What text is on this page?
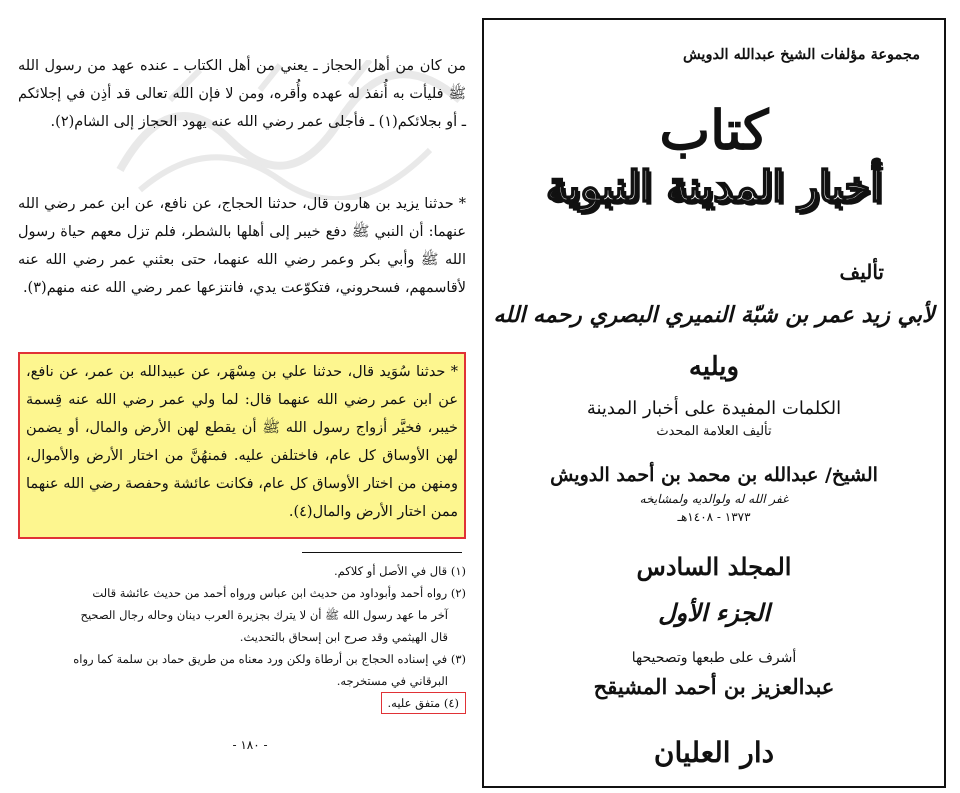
من كان من أهل الحجاز ـ يعني من أهل الكتاب ـ عنده عهد من رسول الله ﷺ فليأت به أُنفذ له عهده وأُقره، ومن لا فإن الله تعالى قد أذِن في إجلائكم ـ أو بجلائكم(١) ـ فأجلى عمر رضي الله عنه يهود الحجاز إلى الشام(٢).
* حدثنا يزيد بن هارون قال، حدثنا الحجاج، عن نافع، عن ابن عمر رضي الله عنهما: أن النبي ﷺ دفع خيبر إلى أهلها بالشطر، فلم تزل معهم حياة رسول الله ﷺ وأبي بكر وعمر رضي الله عنهما، حتى بعثني عمر رضي الله عنه لأقاسمهم، فسحروني، فتكوّعت يدي، فانتزعها عمر رضي الله عنه منهم(٣).
* حدثنا سُوَيد قال، حدثنا علي بن مِسْهَر، عن عبيدالله بن عمر، عن نافع، عن ابن عمر رضي الله عنهما قال: لما ولي عمر رضي الله عنه قِسمة خيبر، فخيَّر أزواج رسول الله ﷺ أن يقطع لهن الأرض والمال، أو يضمن لهن الأوساق كل عام، فاختلفن عليه. فمنهُنَّ من اختار الأرض والأموال، ومنهن من اختار الأوساق كل عام، فكانت عائشة وحفصة رضي الله عنهما ممن اختار الأرض والمال(٤).
(١) قال في الأصل أو كلاكم.
(٢) رواه أحمد وأبوداود من حديث ابن عباس ورواه أحمد من حديث عائشة قالت
آخر ما عهد رسول الله ﷺ أن لا يترك بجزيرة العرب دينان وحاله رجال الصحيح
قال الهيثمي وقد صرح ابن إسحاق بالتحديث.
(٣) في إسناده الحجاج بن أرطاة ولكن ورد معناه من طريق حماد بن سلمة كما رواه
البرقاني في مستخرجه.
(٤) متفق عليه.
- ١٨٠ -
مجموعة مؤلفات الشيخ عبدالله الدويش
كتاب
أخبار المدينة النبوية
تأليف
لأبي زيد عمر بن شبّة النميري البصري رحمه الله
ويليه
الكلمات المفيدة على أخبار المدينة
تأليف العلامة المحدث
الشيخ/ عبدالله بن محمد بن أحمد الدويش
غفر الله له ولوالديه ولمشايخه
١٣٧٣ - ١٤٠٨هـ
المجلد السادس
الجزء الأول
أشرف على طبعها وتصحيحها
عبدالعزيز بن أحمد المشيقح
دار العليان
